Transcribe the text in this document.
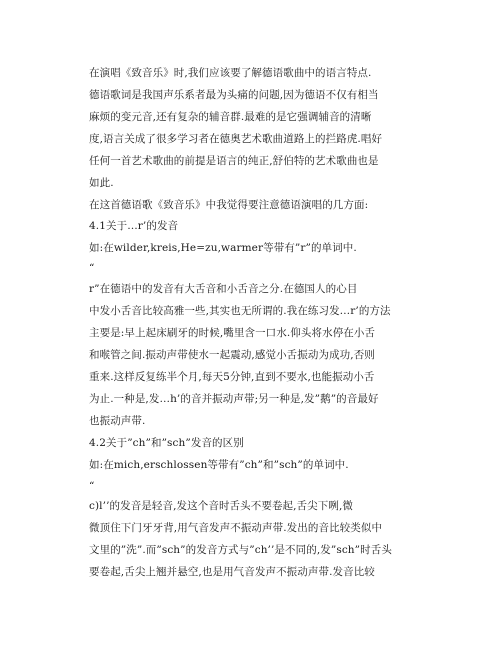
在演唱《致音乐》时,我们应该要了解德语歌曲中的语言特点.
德语歌词是我国声乐系者最为头痛的问题,因为德语不仅有相当
麻烦的变元音,还有复杂的辅音群.最难的是它强调辅音的清晰
度,语言关成了很多学习者在德奥艺术歌曲道路上的拦路虎.唱好
任何一首艺术歌曲的前提是语言的纯正,舒伯特的艺术歌曲也是
如此.
在这首德语歌《致音乐》中我觉得要注意德语演唱的几方面:
4.1关于…r’的发音
如:在wilder,kreis,He=zu,warmer等带有”r”的单词中.
“
r”在德语中的发音有大舌音和小舌音之分.在德国人的心目
中发小舌音比较高雅一些,其实也无所谓的.我在练习发…r’的方法
主要是:早上起床刷牙的时候,嘴里含一口水.仰头将水停在小舌
和喉管之间.振动声带使水一起震动,感觉小舌振动为成功,否则
重来.这样反复练半个月,每天5分钟,直到不要水,也能振动小舌
为止.一种是,发…h’的音并振动声带;另一种是,发”鹅”的音最好
也振动声带.
4.2关于”ch”和”sch”发音的区别
如:在mich,erschlossen等带有”ch”和”sch”的单词中.
“
c)l’’的发音是轻音,发这个音时舌头不要卷起,舌尖下咧,微
微顶住下门牙牙背,用气音发声不振动声带.发出的音比较类似中
文里的”洗”.而”sch”的发音方式与”ch’’是不同的,发”sch”时舌头
要卷起,舌尖上翘并悬空,也是用气音发声不振动声带.发音比较
